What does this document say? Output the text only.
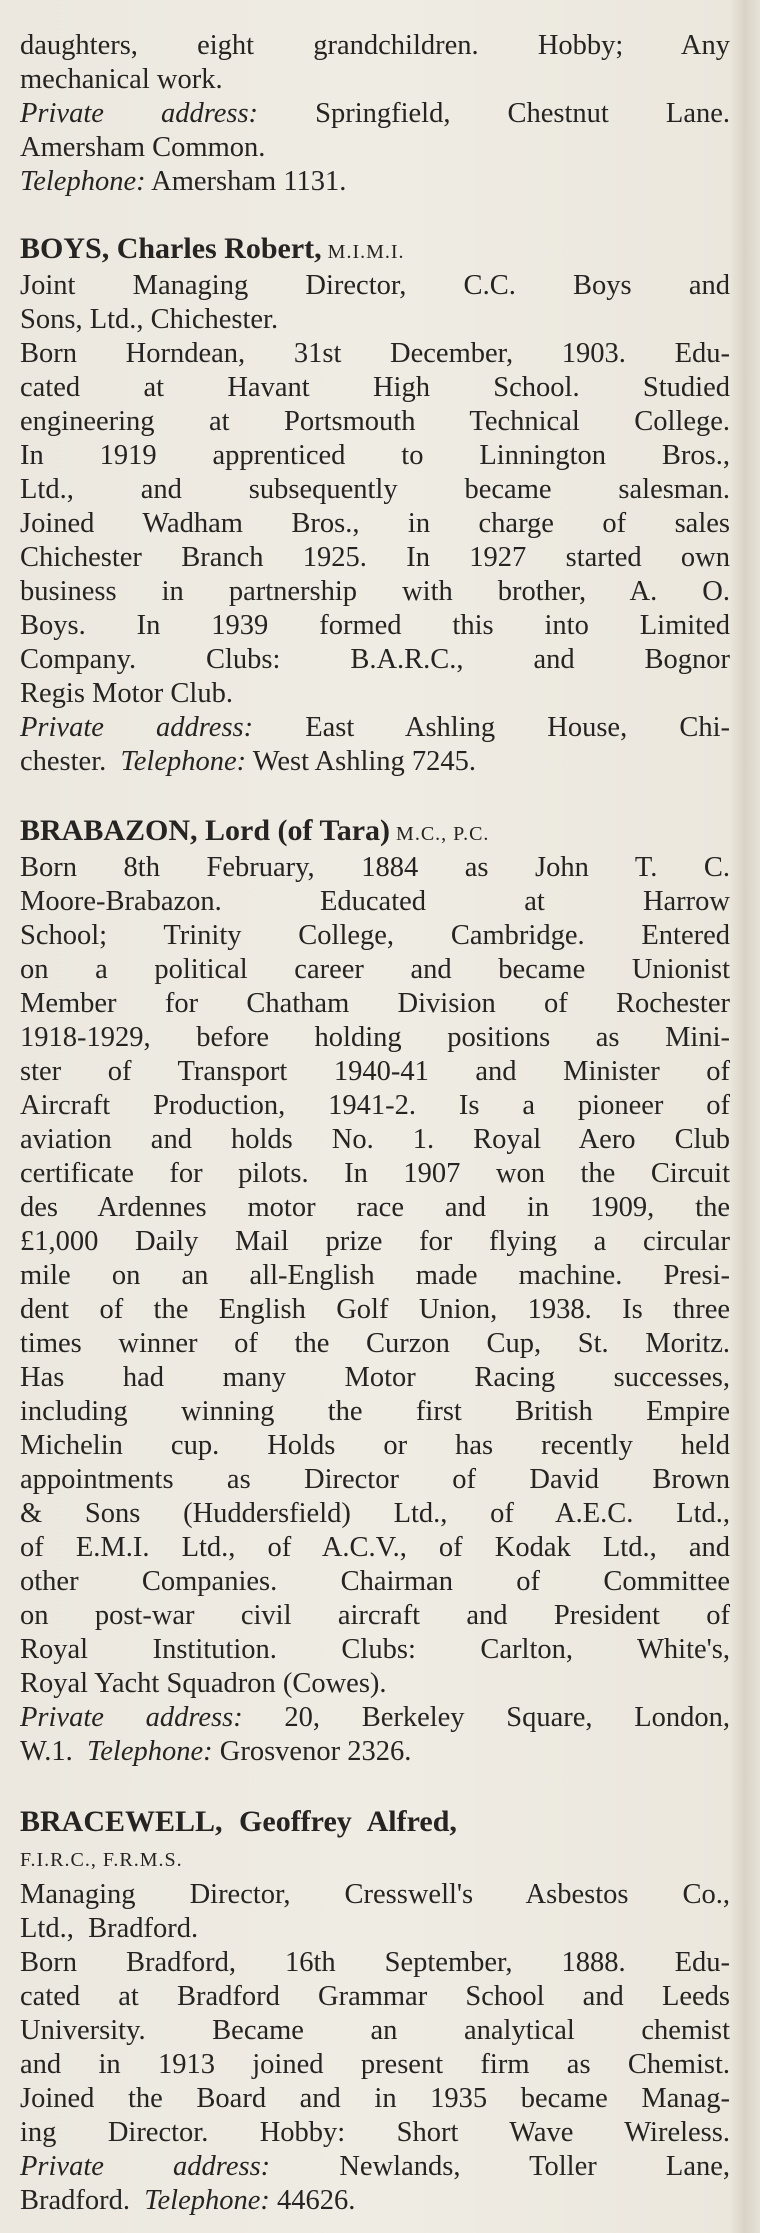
daughters, eight grandchildren. Hobby; Any
mechanical work.
Private address: Springfield, Chestnut Lane.
Amersham Common.
Telephone: Amersham 1131.
BOYS, Charles Robert, M.I.M.I.
Joint Managing Director, C.C. Boys and
Sons, Ltd., Chichester.
Born Horndean, 31st December, 1903. Edu-
cated at Havant High School. Studied
engineering at Portsmouth Technical College.
In 1919 apprenticed to Linnington Bros.,
Ltd., and subsequently became salesman.
Joined Wadham Bros., in charge of sales
Chichester Branch 1925. In 1927 started own
business in partnership with brother, A. O.
Boys. In 1939 formed this into Limited
Company. Clubs: B.A.R.C., and Bognor
Regis Motor Club.
Private address: East Ashling House, Chi-
chester.  Telephone: West Ashling 7245.
BRABAZON, Lord (of Tara) M.C., P.C.
Born 8th February, 1884 as John T. C.
Moore-Brabazon. Educated at Harrow
School; Trinity College, Cambridge. Entered
on a political career and became Unionist
Member for Chatham Division of Rochester
1918-1929, before holding positions as Mini-
ster of Transport 1940-41 and Minister of
Aircraft Production, 1941-2. Is a pioneer of
aviation and holds No. 1. Royal Aero Club
certificate for pilots. In 1907 won the Circuit
des Ardennes motor race and in 1909, the
£1,000 Daily Mail prize for flying a circular
mile on an all-English made machine. Presi-
dent of the English Golf Union, 1938. Is three
times winner of the Curzon Cup, St. Moritz.
Has had many Motor Racing successes,
including winning the first British Empire
Michelin cup. Holds or has recently held
appointments as Director of David Brown
& Sons (Huddersfield) Ltd., of A.E.C. Ltd.,
of E.M.I. Ltd., of A.C.V., of Kodak Ltd., and
other Companies. Chairman of Committee
on post-war civil aircraft and President of
Royal Institution. Clubs: Carlton, White's,
Royal Yacht Squadron (Cowes).
Private address: 20, Berkeley Square, London,
W.1.  Telephone: Grosvenor 2326.
BRACEWELL, Geoffrey Alfred,
F.I.R.C., F.R.M.S.
Managing Director, Cresswell's Asbestos Co.,
Ltd.,  Bradford.
Born Bradford, 16th September, 1888. Edu-
cated at Bradford Grammar School and Leeds
University. Became an analytical chemist
and in 1913 joined present firm as Chemist.
Joined the Board and in 1935 became Manag-
ing Director. Hobby: Short Wave Wireless.
Private address: Newlands, Toller Lane,
Bradford.  Telephone: 44626.
